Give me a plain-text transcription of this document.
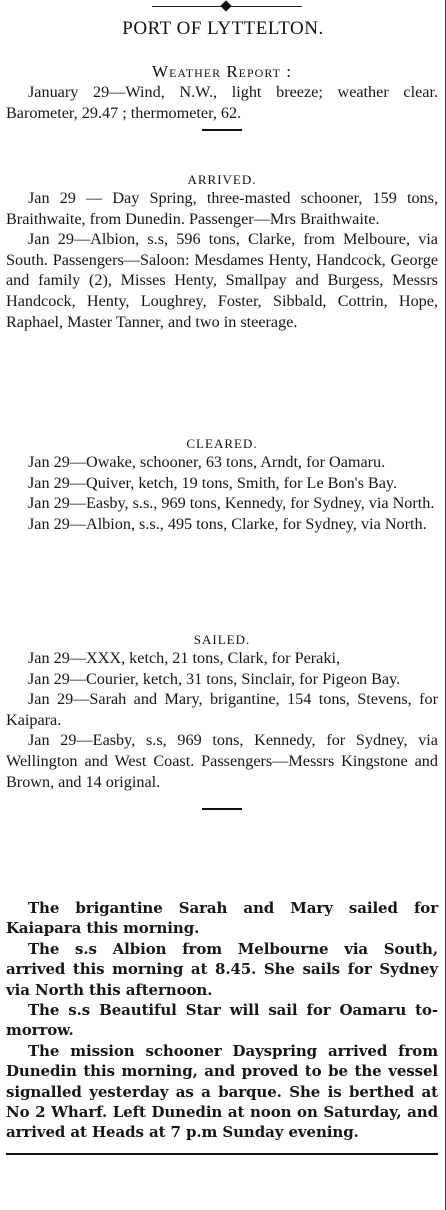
PORT OF LYTTELTON.
Weather Report :

January 29—Wind, N.W., light breeze; weather clear. Barometer, 29.47 ; thermometer, 62.

ARRIVED.

Jan 29 — Day Spring, three-masted schooner, 159 tons, Braithwaite, from Dunedin. Passenger—Mrs Braithwaite.

Jan 29—Albion, s.s, 596 tons, Clarke, from Melboure, via South. Passengers—Saloon: Mesdames Henty, Handcock, George and family (2), Misses Henty, Smallpay and Burgess, Messrs Handcock, Henty, Loughrey, Foster, Sibbald, Cottrin, Hope, Raphael, Master Tanner, and two in steerage.

CLEARED.

Jan 29—Owake, schooner, 63 tons, Arndt, for Oamaru.

Jan 29—Quiver, ketch, 19 tons, Smith, for Le Bon's Bay.

Jan 29—Easby, s.s., 969 tons, Kennedy, for Sydney, via North.

Jan 29—Albion, s.s., 495 tons, Clarke, for Sydney, via North.

SAILED.

Jan 29—XXX, ketch, 21 tons, Clark, for Peraki,

Jan 29—Courier, ketch, 31 tons, Sinclair, for Pigeon Bay.

Jan 29—Sarah and Mary, brigantine, 154 tons, Stevens, for Kaipara.

Jan 29—Easby, s.s, 969 tons, Kennedy, for Sydney, via Wellington and West Coast. Passengers—Messrs Kingstone and Brown, and 14 original.

The brigantine Sarah and Mary sailed for Kaiapara this morning.

The s.s Albion from Melbourne via South, arrived this morning at 8.45. She sails for Sydney via North this afternoon.

The s.s Beautiful Star will sail for Oamaru to-morrow.

The mission schooner Dayspring arrived from Dunedin this morning, and proved to be the vessel signalled yesterday as a barque. She is berthed at No 2 Wharf. Left Dunedin at noon on Saturday, and arrived at Heads at 7 p.m Sunday evening.
